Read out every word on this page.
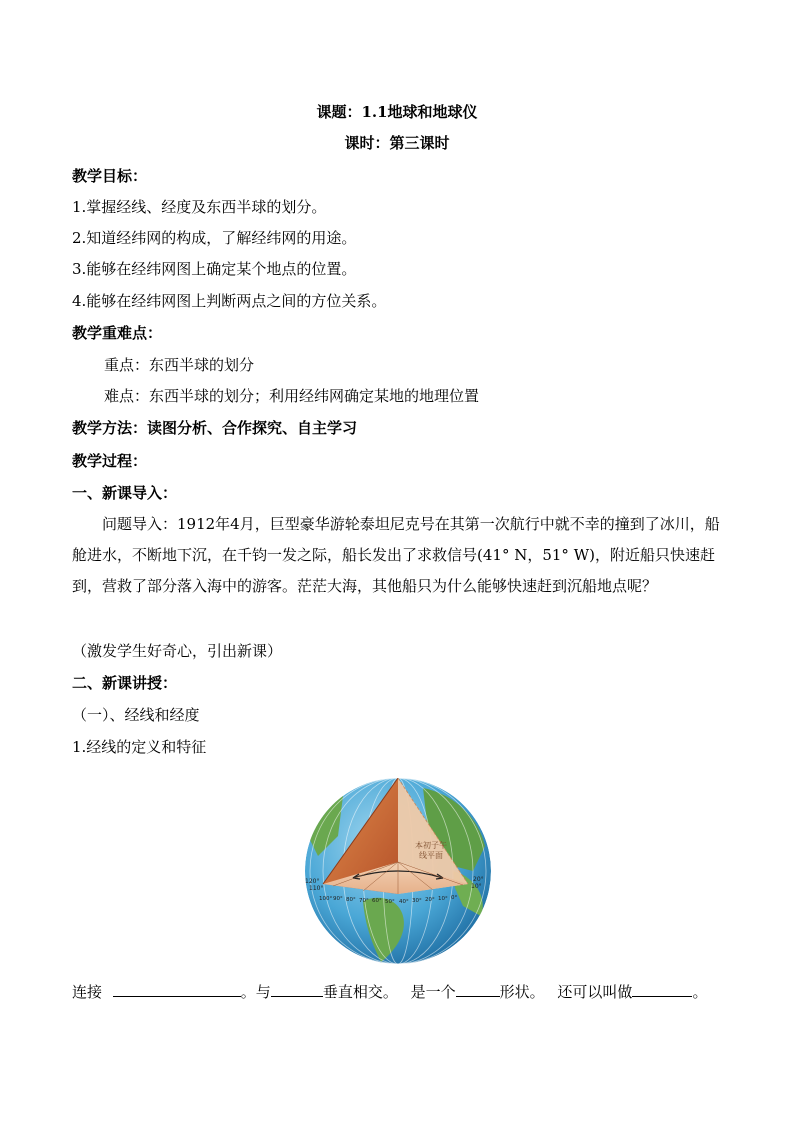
课题：1.1地球和地球仪
课时：第三课时
教学目标：
1.掌握经线、经度及东西半球的划分。
2.知道经纬网的构成，了解经纬网的用途。
3.能够在经纬网图上确定某个地点的位置。
4.能够在经纬网图上判断两点之间的方位关系。
教学重难点：
重点：东西半球的划分
难点：东西半球的划分；利用经纬网确定某地的地理位置
教学方法：读图分析、合作探究、自主学习
教学过程：
一、新课导入：
问题导入：1912年4月，巨型豪华游轮泰坦尼克号在其第一次航行中就不幸的撞到了冰川，船舱进水，不断地下沉，在千钧一发之际，船长发出了求救信号(41° N，51° W)，附近船只快速赶到，营救了部分落入海中的游客。茫茫大海，其他船只为什么能够快速赶到沉船地点呢？
（激发学生好奇心，引出新课）
二、新课讲授：
（一）、经线和经度
1.经线的定义和特征
本初子午
线平面
120°
110°
20°
10°
100° 90° 80° 70° 60° 50° 40° 30° 20° 10° 0°
连接	。与	垂直相交。 是一个	形状。 还可以叫做	。
